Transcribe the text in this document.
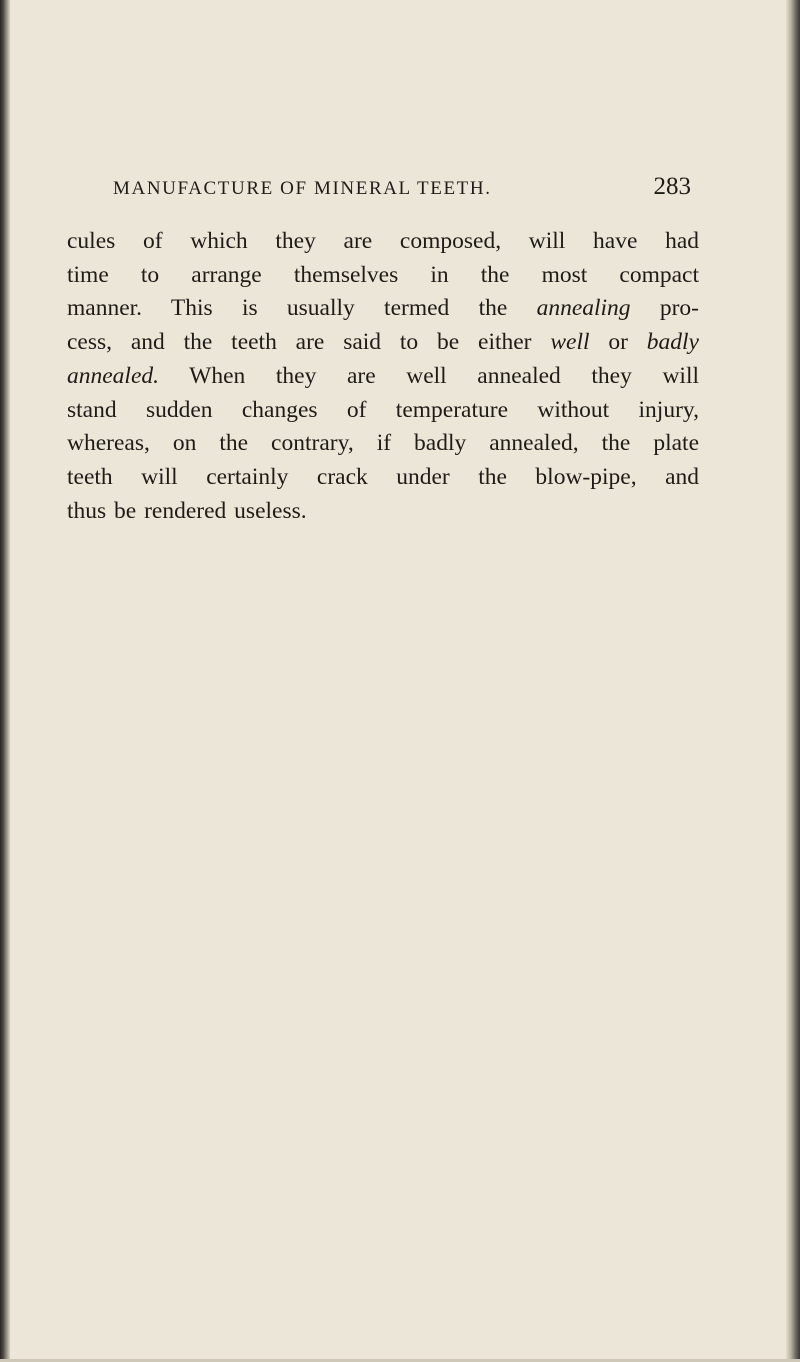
MANUFACTURE OF MINERAL TEETH.	283
cules of which they are composed, will have had
time to arrange themselves in the most compact
manner. This is usually termed the annealing pro-
cess, and the teeth are said to be either well or badly
annealed. When they are well annealed they will
stand sudden changes of temperature without injury,
whereas, on the contrary, if badly annealed, the plate
teeth will certainly crack under the blow-pipe, and
thus be rendered useless.
